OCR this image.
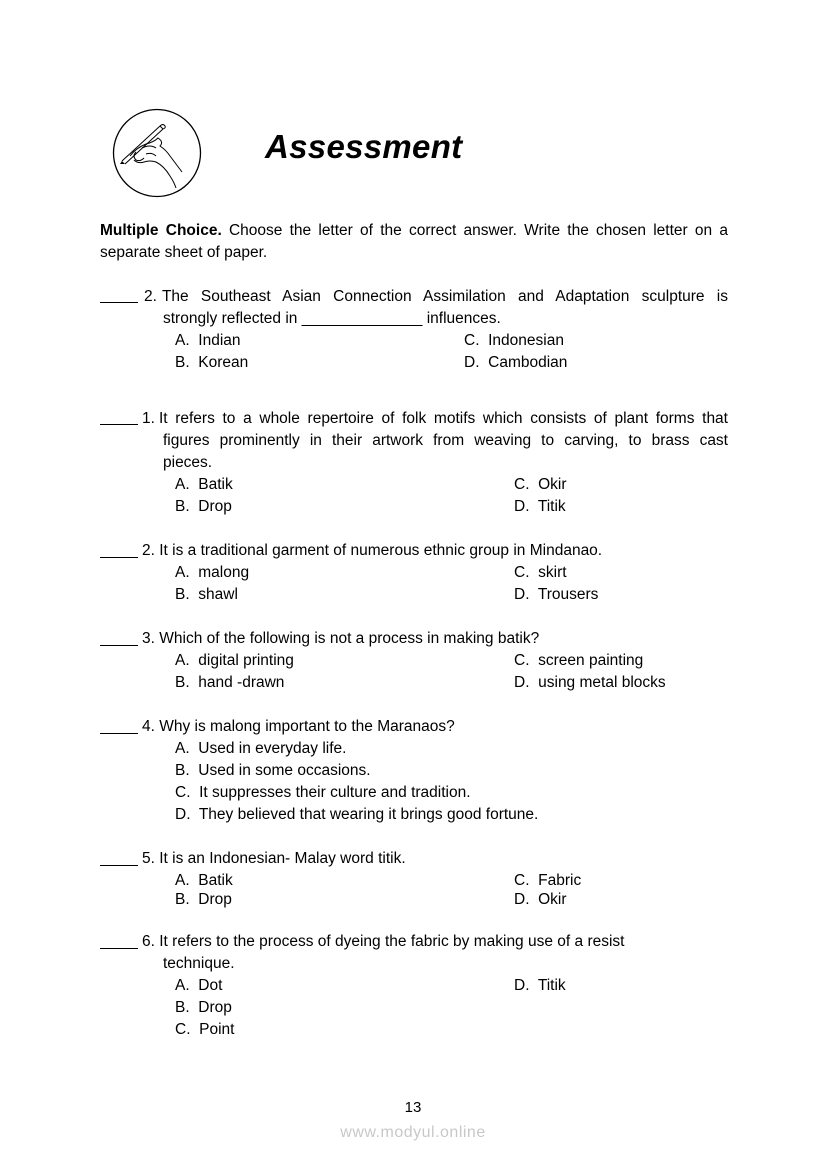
Assessment
Multiple Choice. Choose the letter of the correct answer. Write the chosen letter on a separate sheet of paper.
2. The Southeast Asian Connection Assimilation and Adaptation sculpture is
strongly reflected in ______________ influences.
A.  Indian
B.  Korean
C.  Indonesian
D.  Cambodian
1. It refers to a whole repertoire of folk motifs which consists of plant forms that
figures prominently in their artwork from weaving to carving, to brass cast
pieces.
A.  Batik
B.  Drop
C.  Okir
D.  Titik
2. It is a traditional garment of numerous ethnic group in Mindanao.
A.  malong
B.  shawl
C.  skirt
D.  Trousers
3. Which of the following is not a process in making batik?
A.  digital printing
B.  hand -drawn
C.  screen painting
D.  using metal blocks
4. Why is malong important to the Maranaos?
A.  Used in everyday life.
B.  Used in some occasions.
C.  It suppresses their culture and tradition.
D.  They believed that wearing it brings good fortune.
5. It is an Indonesian- Malay word titik.
A.  Batik
B.  Drop
C.  Fabric
D.  Okir
6. It refers to the process of dyeing the fabric by making use of a resist
technique.
A.  Dot
B.  Drop
C.  Point
D.  Titik
13
www.modyul.online
